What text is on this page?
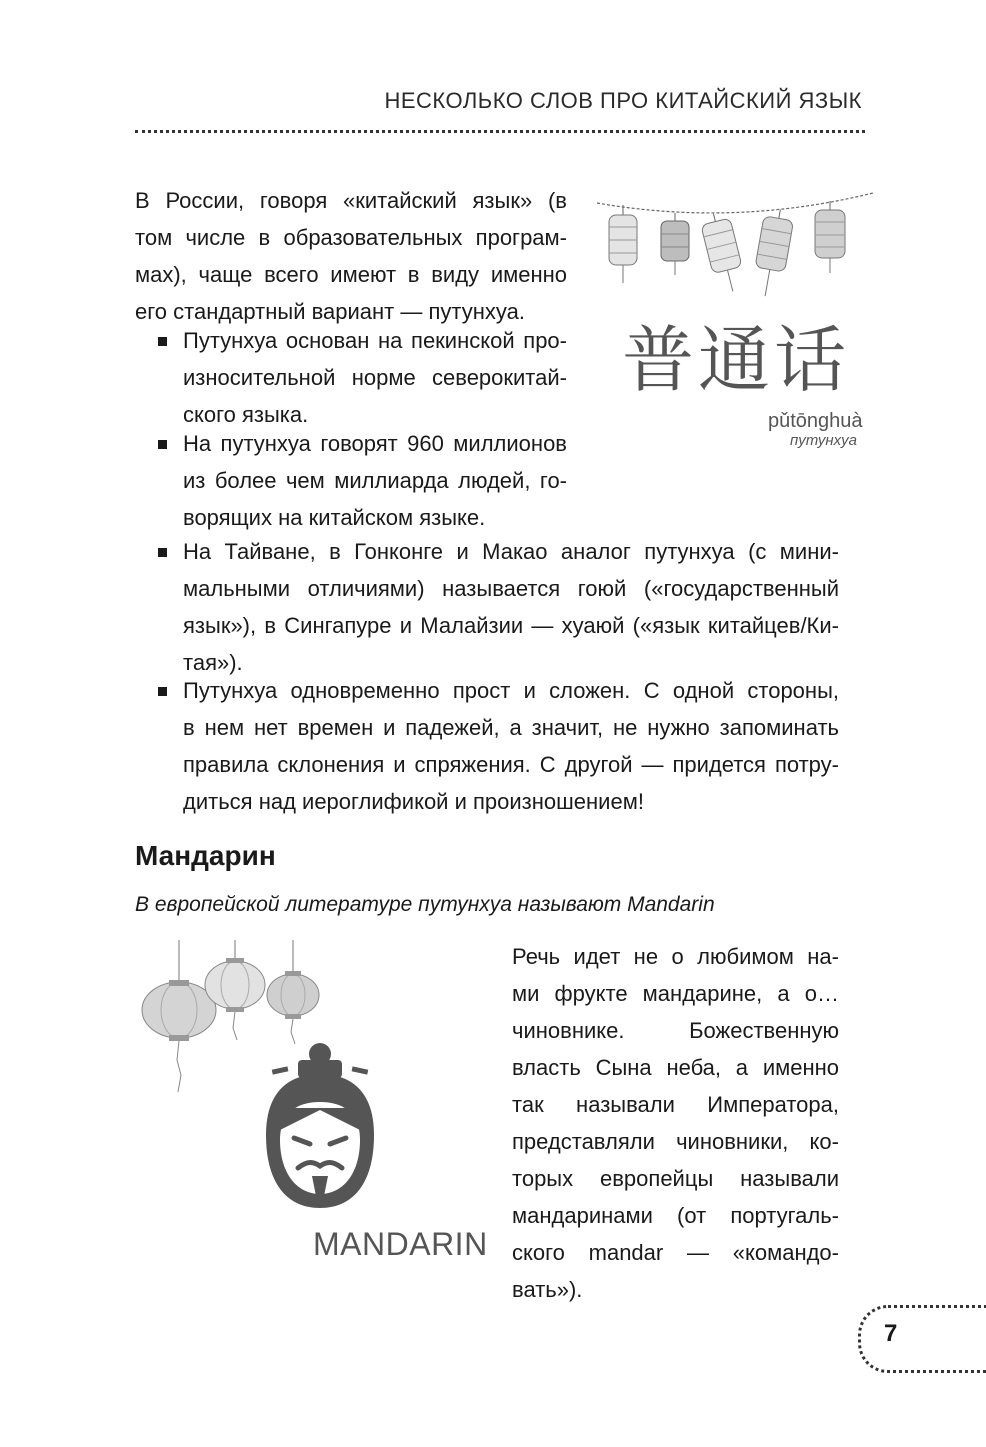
НЕСКОЛЬКО СЛОВ ПРО КИТАЙСКИЙ ЯЗЫК
В России, говоря «китайский язык» (в
том числе в образовательных програм-
мах), чаще всего имеют в виду именно
его стандартный вариант — путунхуа.
Путунхуа основан на пекинской про-
износительной норме северокитай-
ского языка.
На путунхуа говорят 960 миллионов
из более чем миллиарда людей, го-
ворящих на китайском языке.
На Тайване, в Гонконге и Макао аналог путунхуа (с мини-
мальными отличиями) называется гоюй («государственный
язык»), в Сингапуре и Малайзии — хуаюй («язык китайцев/Ки-
тая»).
Путунхуа одновременно прост и сложен. С одной стороны,
в нем нет времен и падежей, а значит, не нужно запоминать
правила склонения и спряжения. С другой — придется потру-
диться над иероглификой и произношением!
普通话
pǔtōnghuà
путунхуа
Мандарин
В европейской литературе путунхуа называют Mandarin
Речь идет не о любимом на-
ми фрукте мандарине, а о…
чиновнике. Божественную
власть Сына неба, а именно
так называли Императора,
представляли чиновники, ко-
торых европейцы называли
мандаринами (от португаль-
ского mandar — «командо-
вать»).
MANDARIN
7
